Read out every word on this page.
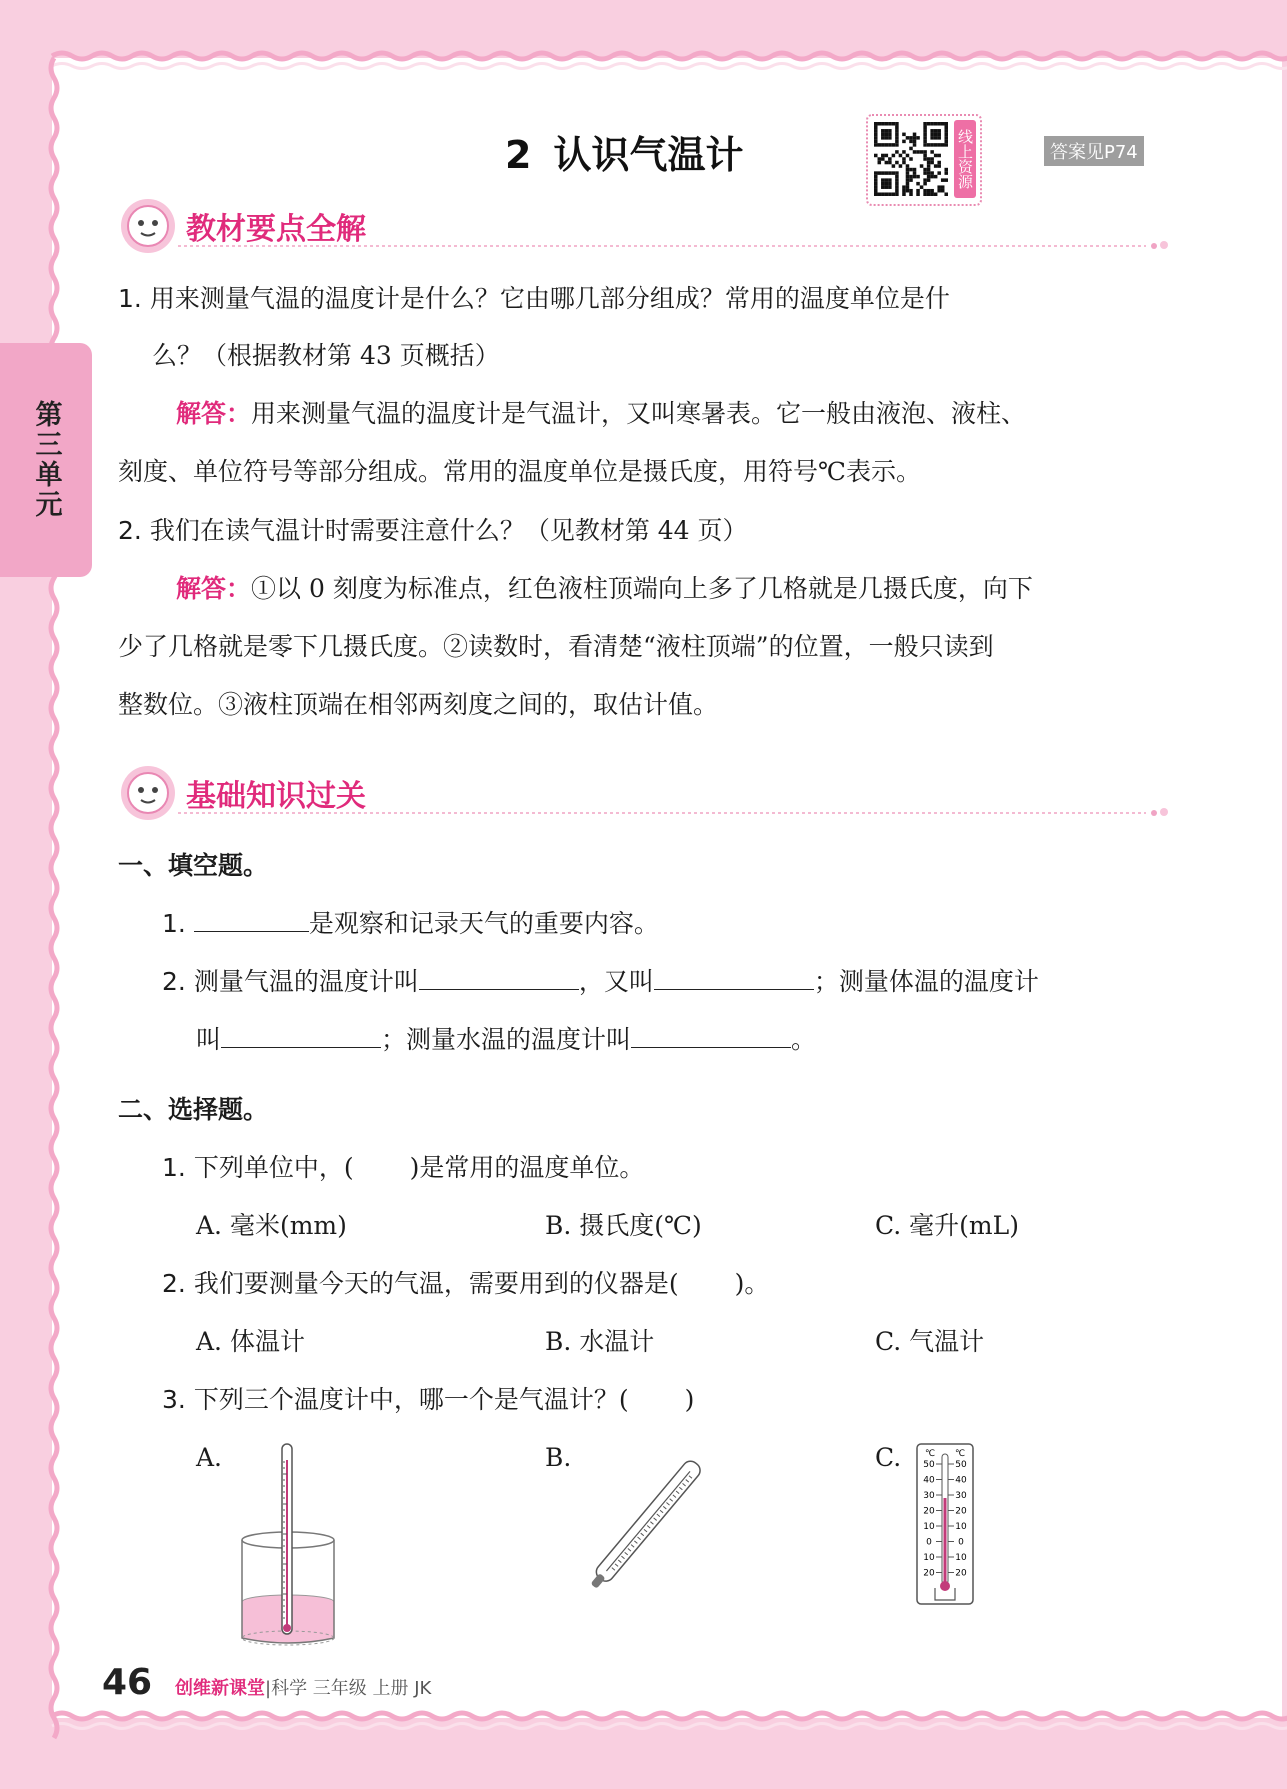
第三单元
2 认识气温计	线上资源	答案见P74
教材要点全解
1. 用来测量气温的温度计是什么？它由哪几部分组成？常用的温度单位是什
么？（根据教材第 43 页概括）
解答：用来测量气温的温度计是气温计，又叫寒暑表。它一般由液泡、液柱、
刻度、单位符号等部分组成。常用的温度单位是摄氏度，用符号℃表示。
2. 我们在读气温计时需要注意什么？（见教材第 44 页）
解答：①以 0 刻度为标准点，红色液柱顶端向上多了几格就是几摄氏度，向下
少了几格就是零下几摄氏度。②读数时，看清楚“液柱顶端”的位置，一般只读到
整数位。③液柱顶端在相邻两刻度之间的，取估计值。
基础知识过关
一、填空题。
1.	是观察和记录天气的重要内容。
2. 测量气温的温度计叫	，又叫	；测量体温的温度计
叫	；测量水温的温度计叫	。
二、选择题。
1. 下列单位中，( )是常用的温度单位。
A. 毫米(mm)	B. 摄氏度(℃)	C. 毫升(mL)
2. 我们要测量今天的气温，需要用到的仪器是( )。
A. 体温计	B. 水温计	C. 气温计
3. 下列三个温度计中，哪一个是气温计？( )
A.	B.	C.	℃ ℃
50 50
40 40
30 30
20 20
10 10
0	0
10 10
20 20
46 创维新课堂|科学 三年级 上册 JK
